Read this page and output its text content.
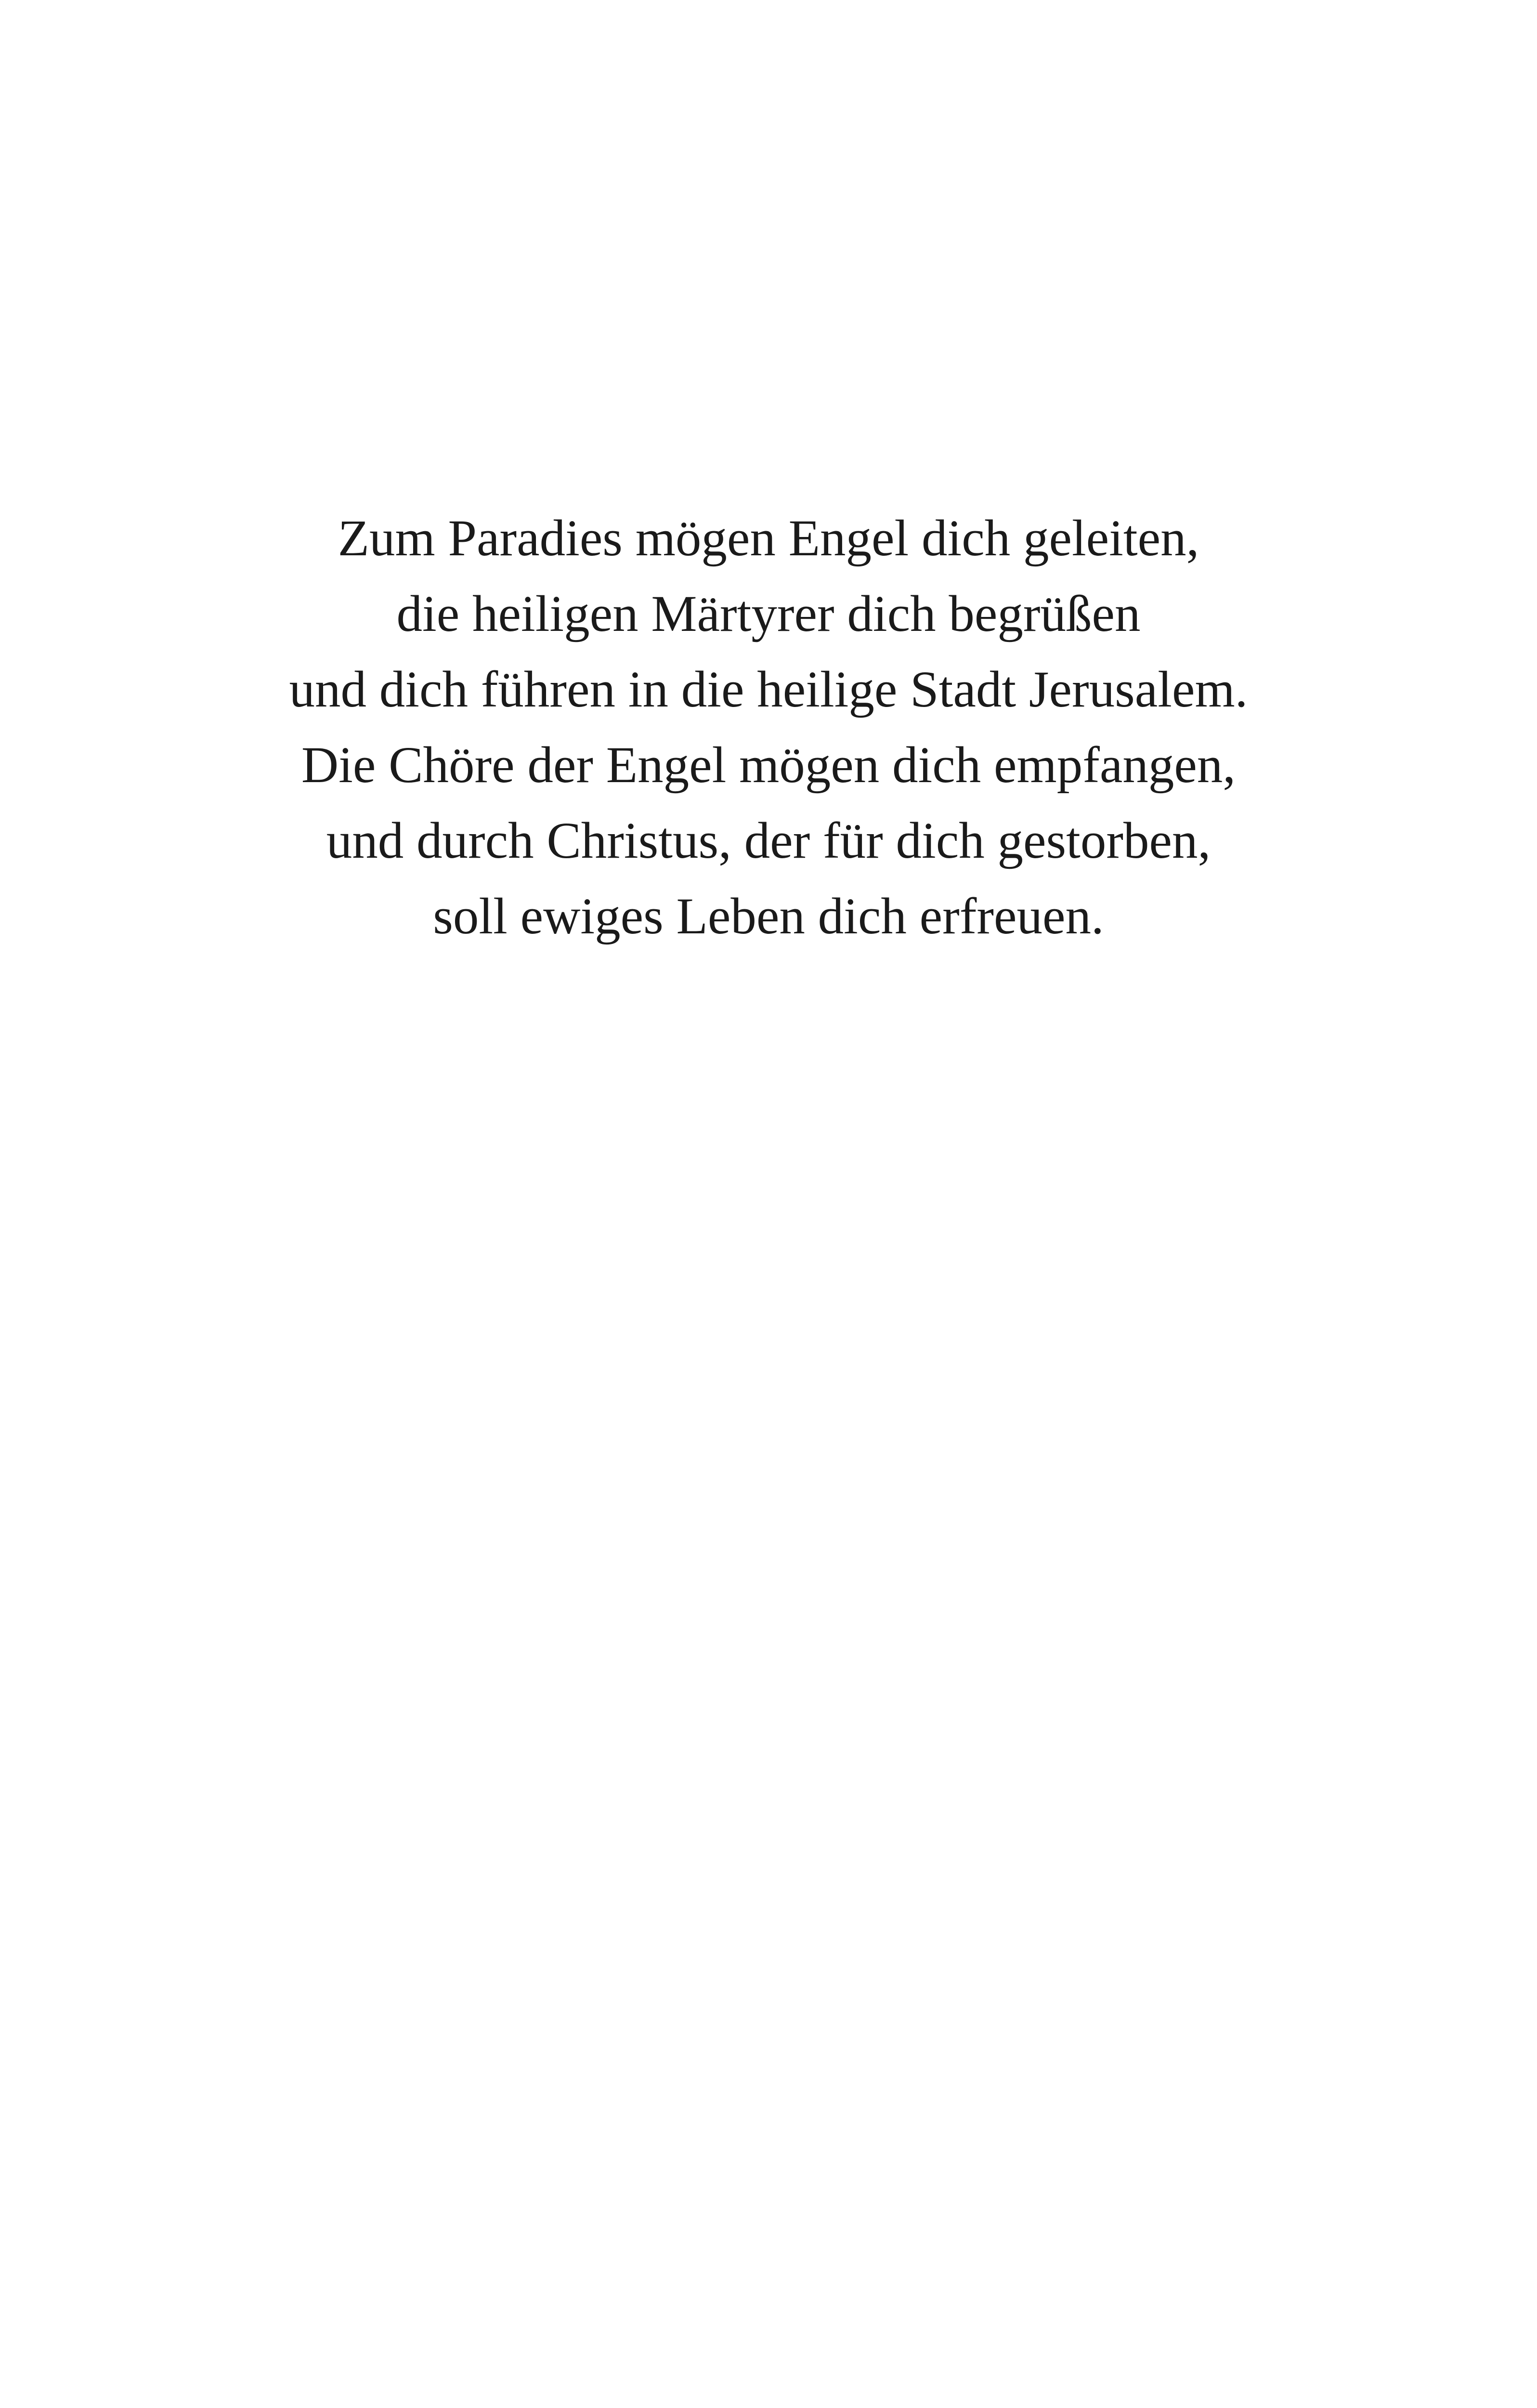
Zum Paradies mögen Engel dich geleiten,
die heiligen Märtyrer dich begrüßen
und dich führen in die heilige Stadt Jerusalem.
Die Chöre der Engel mögen dich empfangen,
und durch Christus, der für dich gestorben,
soll ewiges Leben dich erfreuen.
